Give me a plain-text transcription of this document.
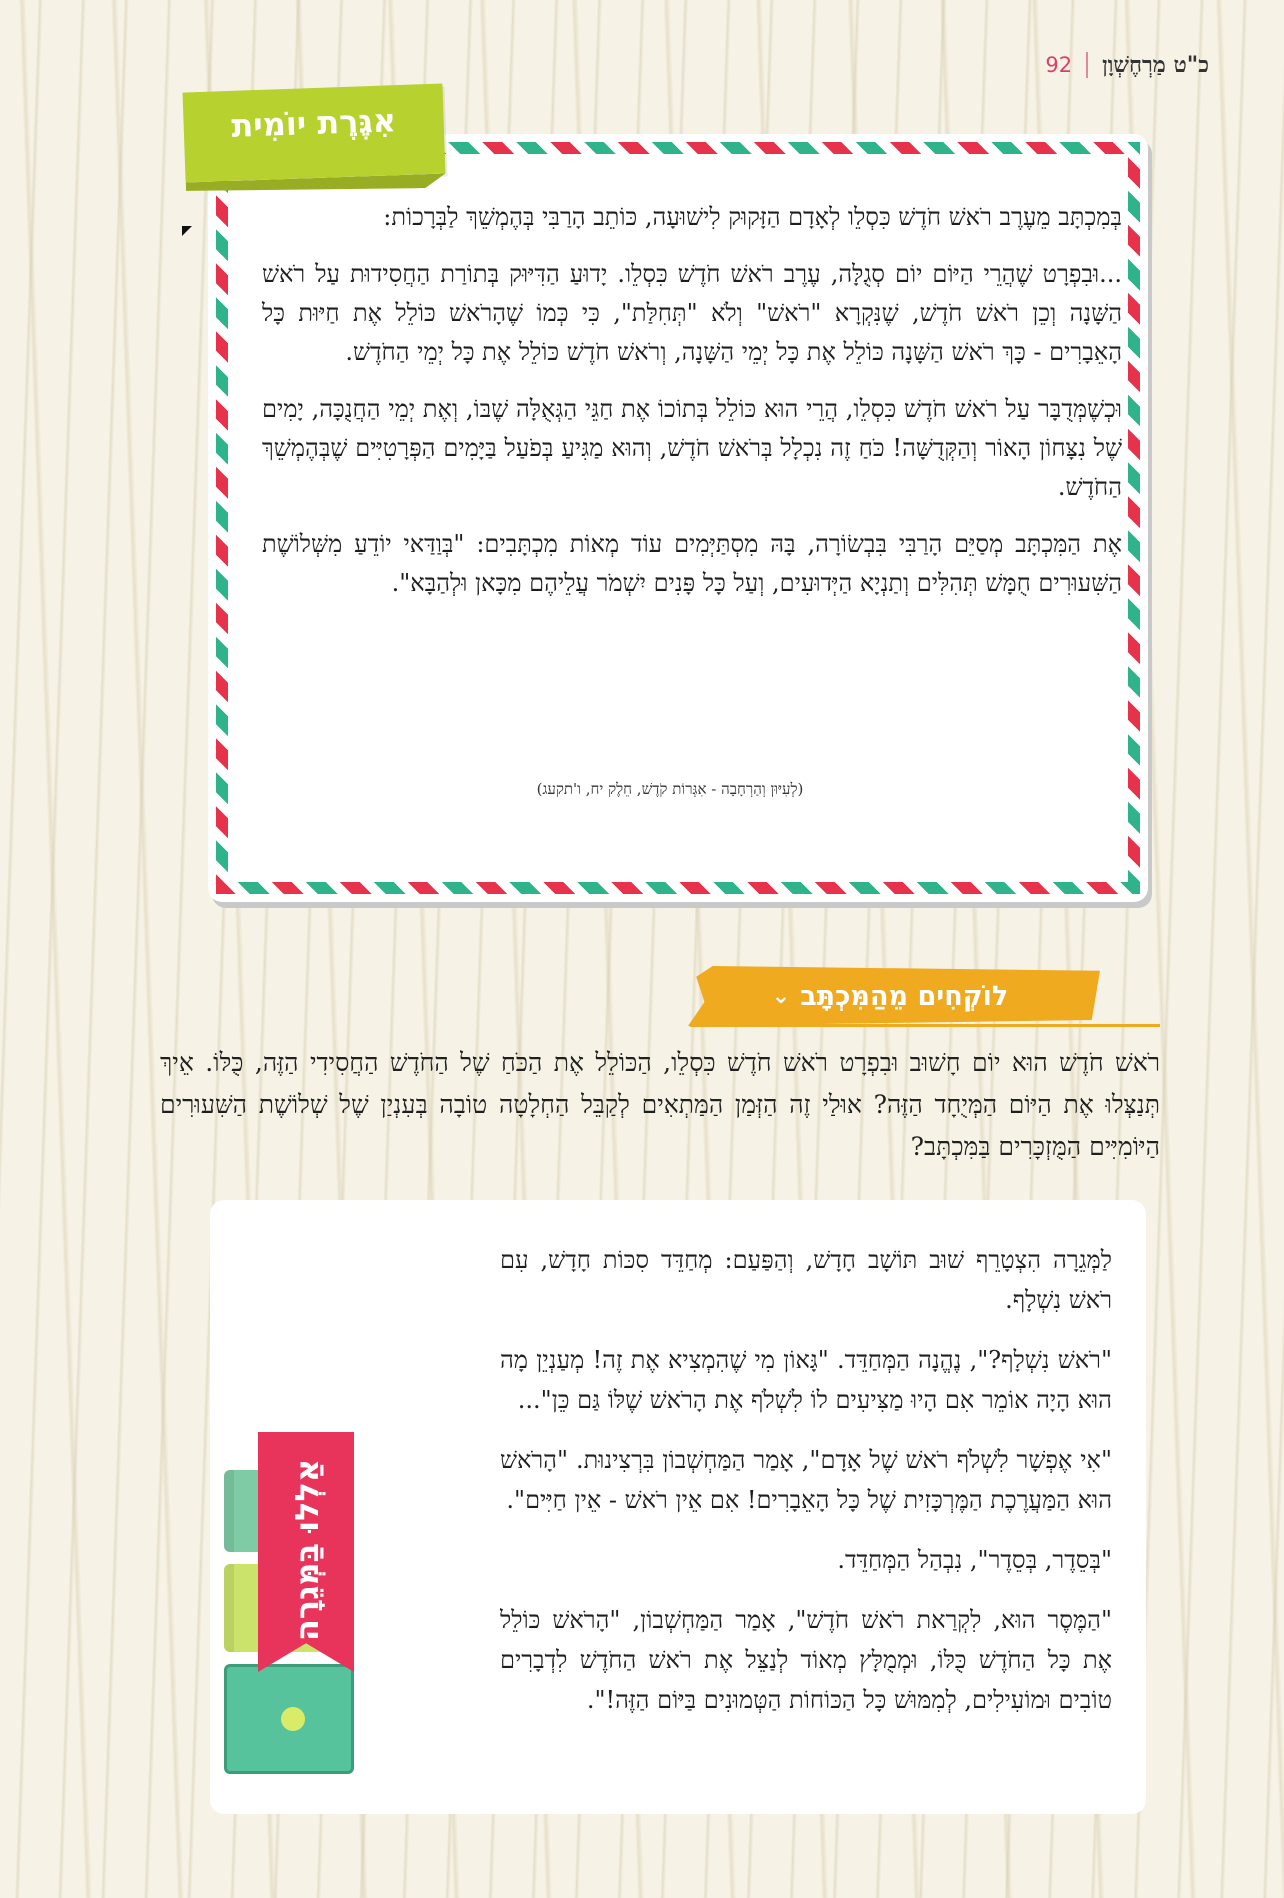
כ"ט מַרְחֶשְׁוָן
92
אִגֶּרֶת יוֹמִית

בְּמִכְתָּב מֵעֶרֶב רֹאשׁ חֹדֶשׁ כִּסְלֵו לְאָדָם הַזָּקוּק לִישׁוּעָה, כּוֹתֵב הָרַבִּי בְּהֶמְשֵׁךְ לַבְּרָכוֹת:

...וּבִפְרָט שֶׁהֲרֵי הַיּוֹם יוֹם סְגֻלָּה, עֶרֶב רֹאשׁ חֹדֶשׁ כִּסְלֵו. יָדוּעַ הַדִּיּוּק בְּתוֹרַת הַחֲסִידוּת עַל רֹאשׁ הַשָּׁנָה וְכֵן רֹאשׁ חֹדֶשׁ, שֶׁנִּקְרָא "רֹאשׁ" וְלֹא "תְּחִלַּת", כִּי כְּמוֹ שֶׁהָרֹאשׁ כּוֹלֵל אֶת חַיּוּת כָּל הָאֵבָרִים - כָּךְ רֹאשׁ הַשָּׁנָה כּוֹלֵל אֶת כָּל יְמֵי הַשָּׁנָה, וְרֹאשׁ חֹדֶשׁ כּוֹלֵל אֶת כָּל יְמֵי הַחֹדֶשׁ.

וּכְשֶׁמְּדֻבָּר עַל רֹאשׁ חֹדֶשׁ כִּסְלֵו, הֲרֵי הוּא כּוֹלֵל בְּתוֹכוֹ אֶת חַגֵּי הַגְּאֻלָּה שֶׁבּוֹ, וְאֶת יְמֵי הַחֲנֻכָּה, יָמִים שֶׁל נִצָּחוֹן הָאוֹר וְהַקְּדֻשָּׁה! כֹּחַ זֶה נִכְלָל בְּרֹאשׁ חֹדֶשׁ, וְהוּא מַגִּיעַ בְּפֹעַל בַּיָּמִים הַפְּרָטִיִּים שֶׁבְּהֶמְשֵׁךְ הַחֹדֶשׁ.

אֶת הַמִּכְתָּב מְסַיֵּם הָרַבִּי בִּבְשׂוֹרָה, בָּהּ מִסְתַּיְּמִים עוֹד מְאוֹת מִכְתָּבִים: "בְּוַדַּאי יוֹדֵעַ מִשְּׁלוֹשֶׁת הַשִּׁעוּרִים חֻמָּשׁ תְּהִלִּים וְתַנְיָא הַיְּדוּעִים, וְעַל כָּל פָּנִים יִשְׁמֹר עֲלֵיהֶם מִכָּאן וּלְהַבָּא".

(לְעִיּוּן וְהַרְחָבָה - אִגְּרוֹת קֹדֶשׁ, חֵלֶק יח, ו'תקעג)
לוֹקְחִים מֵהַמִּכְתָּב
⌄
רֹאשׁ חֹדֶשׁ הוּא יוֹם חָשׁוּב וּבִפְרָט רֹאשׁ חֹדֶשׁ כִּסְלֵו, הַכּוֹלֵל אֶת הַכֹּחַ שֶׁל הַחֹדֶשׁ הַחֲסִידִי הַזֶּה, כֻּלּוֹ. אֵיךְ תְּנַצְּלוּ אֶת הַיּוֹם הַמְּיֻחָד הַזֶּה? אוּלַי זֶה הַזְּמַן הַמַּתְאִים לְקַבֵּל הַחְלָטָה טוֹבָה בְּעִנְיַן שֶׁל שְׁלוֹשֶׁת הַשִּׁעוּרִים הַיּוֹמִיִּים הַמֻּזְכָּרִים בַּמִּכְתָּב?

לַמְּגֵרָה הִצְטָרֵף שׁוּב תּוֹשָׁב חָדָשׁ, וְהַפַּעַם: מְחַדֵּד סִכּוֹת חָדָשׁ, עִם רֹאשׁ נִשְׁלָף.

"רֹאשׁ נִשְׁלָף?", נֶהֱנָה הַמְּחַדֵּד. "גָּאוֹן מִי שֶׁהִמְצִיא אֶת זֶה! מְעַנְיֵן מָה הוּא הָיָה אוֹמֵר אִם הָיוּ מַצִּיעִים לוֹ לִשְׁלֹף אֶת הָרֹאשׁ שֶׁלּוֹ גַּם כֵּן"...

"אִי אֶפְשָׁר לִשְׁלֹף רֹאשׁ שֶׁל אָדָם", אָמַר הַמַּחְשְׁבוֹן בִּרְצִינוּת. "הָרֹאשׁ הוּא הַמַּעֲרֶכֶת הַמֶּרְכָּזִית שֶׁל כָּל הָאֵבָרִים! אִם אֵין רֹאשׁ - אֵין חַיִּים".

"בְּסֵדֶר, בְּסֵדֶר", נִבְהַל הַמְּחַדֵּד.

"הַמֶּסֶר הוּא, לִקְרַאת רֹאשׁ חֹדֶשׁ", אָמַר הַמַּחְשְׁבוֹן, "הָרֹאשׁ כּוֹלֵל אֶת כָּל הַחֹדֶשׁ כֻּלּוֹ, וּמְמֻלָּץ מְאוֹד לְנַצֵּל אֶת רֹאשׁ הַחֹדֶשׁ לִדְבָרִים טוֹבִים וּמוֹעִילִים, לְמִמּוּשׁ כָּל הַכּוֹחוֹת הַטְּמוּנִים בַּיּוֹם הַזֶּה!".

אַלְלוּ בַּמְּגֵרָה
